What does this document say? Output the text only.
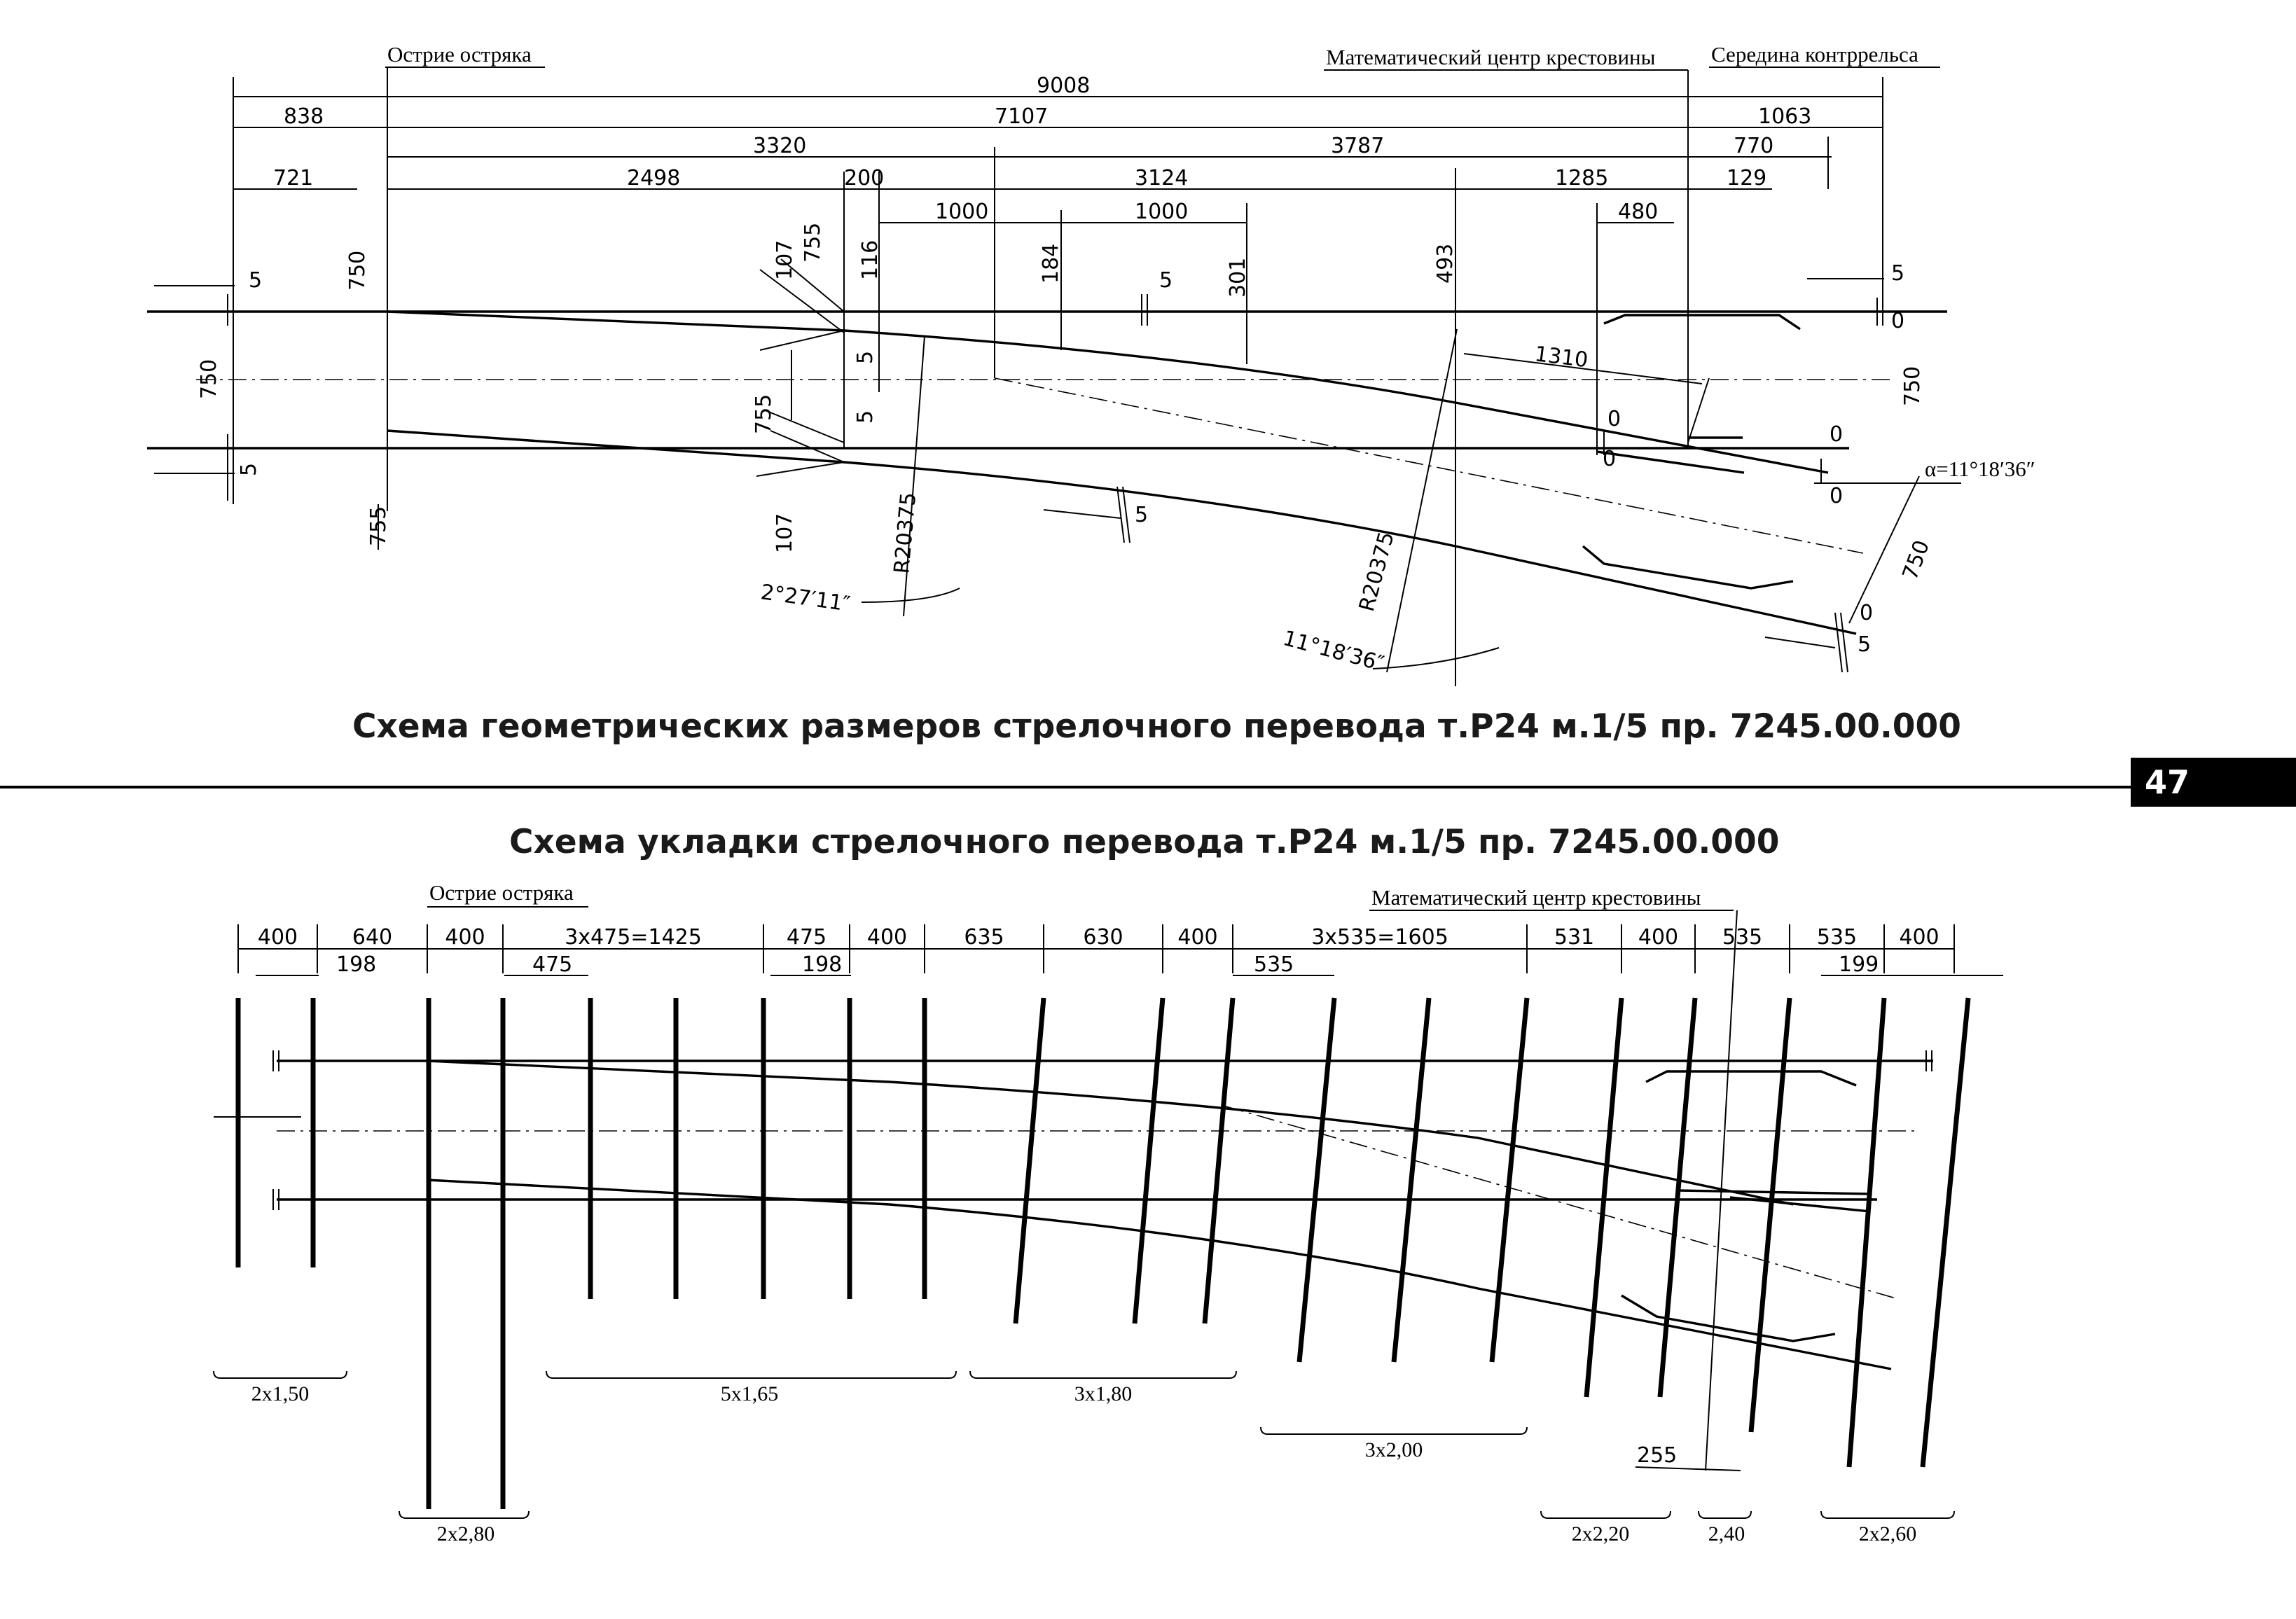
Острие остряка	Математический центр крестовины	Середина контррельса
9008
838	7107	1063
3320	3787	770
721	2498	200	3124	1285	129
1000	1000	480
107 755 116	184	301	493
750
750	750
750
755
755	107
5	5	5
5
5
5
5
5
0
0
0
0
0
0
1310
R20375	R20375
2°27′11″
11°18′36″
α=11°18′36″
Схема геометрических размеров стрелочного перевода т.Р24 м.1/5 пр. 7245.00.000
47
Схема укладки стрелочного перевода т.Р24 м.1/5 пр. 7245.00.000
Острие остряка	Математический центр крестовины
400	640	400	3x475=1425	475 400	635	630	400	3x535=1605	531 400 535	535 400
198	475	198	535	199
255
2x1,50
2x2,80
5x1,65	3x1,80
3x2,00
2x2,20	2,40	2x2,60
